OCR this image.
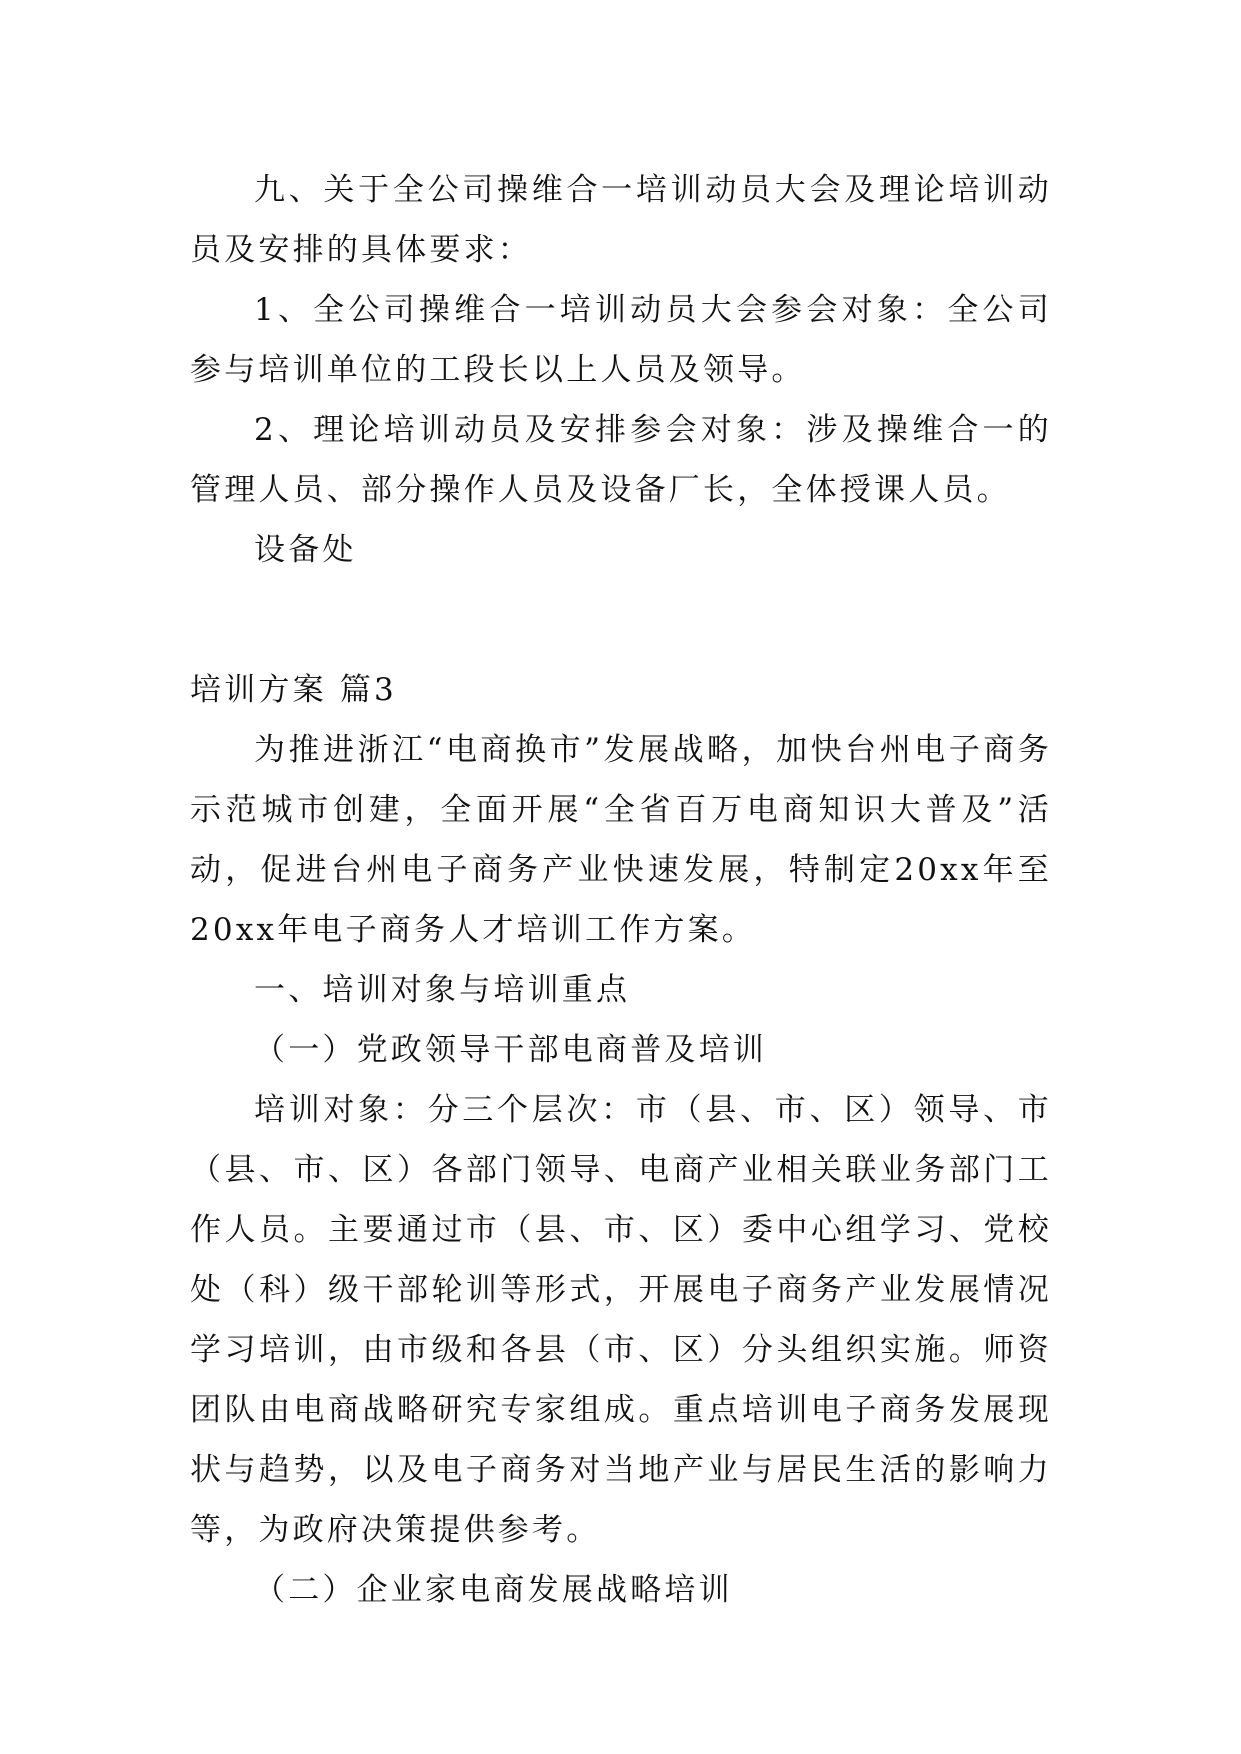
九、关于全公司操维合一培训动员大会及理论培训动员及安排的具体要求：

1、全公司操维合一培训动员大会参会对象：全公司参与培训单位的工段长以上人员及领导。

2、理论培训动员及安排参会对象：涉及操维合一的管理人员、部分操作人员及设备厂长，全体授课人员。

设备处

培训方案 篇3

为推进浙江“电商换市”发展战略，加快台州电子商务示范城市创建，全面开展“全省百万电商知识大普及”活动，促进台州电子商务产业快速发展，特制定20xx年至20xx年电子商务人才培训工作方案。

一、培训对象与培训重点

（一）党政领导干部电商普及培训

培训对象：分三个层次：市（县、市、区）领导、市（县、市、区）各部门领导、电商产业相关联业务部门工作人员。主要通过市（县、市、区）委中心组学习、党校处（科）级干部轮训等形式，开展电子商务产业发展情况学习培训，由市级和各县（市、区）分头组织实施。师资团队由电商战略研究专家组成。重点培训电子商务发展现状与趋势，以及电子商务对当地产业与居民生活的影响力等，为政府决策提供参考。

（二）企业家电商发展战略培训
